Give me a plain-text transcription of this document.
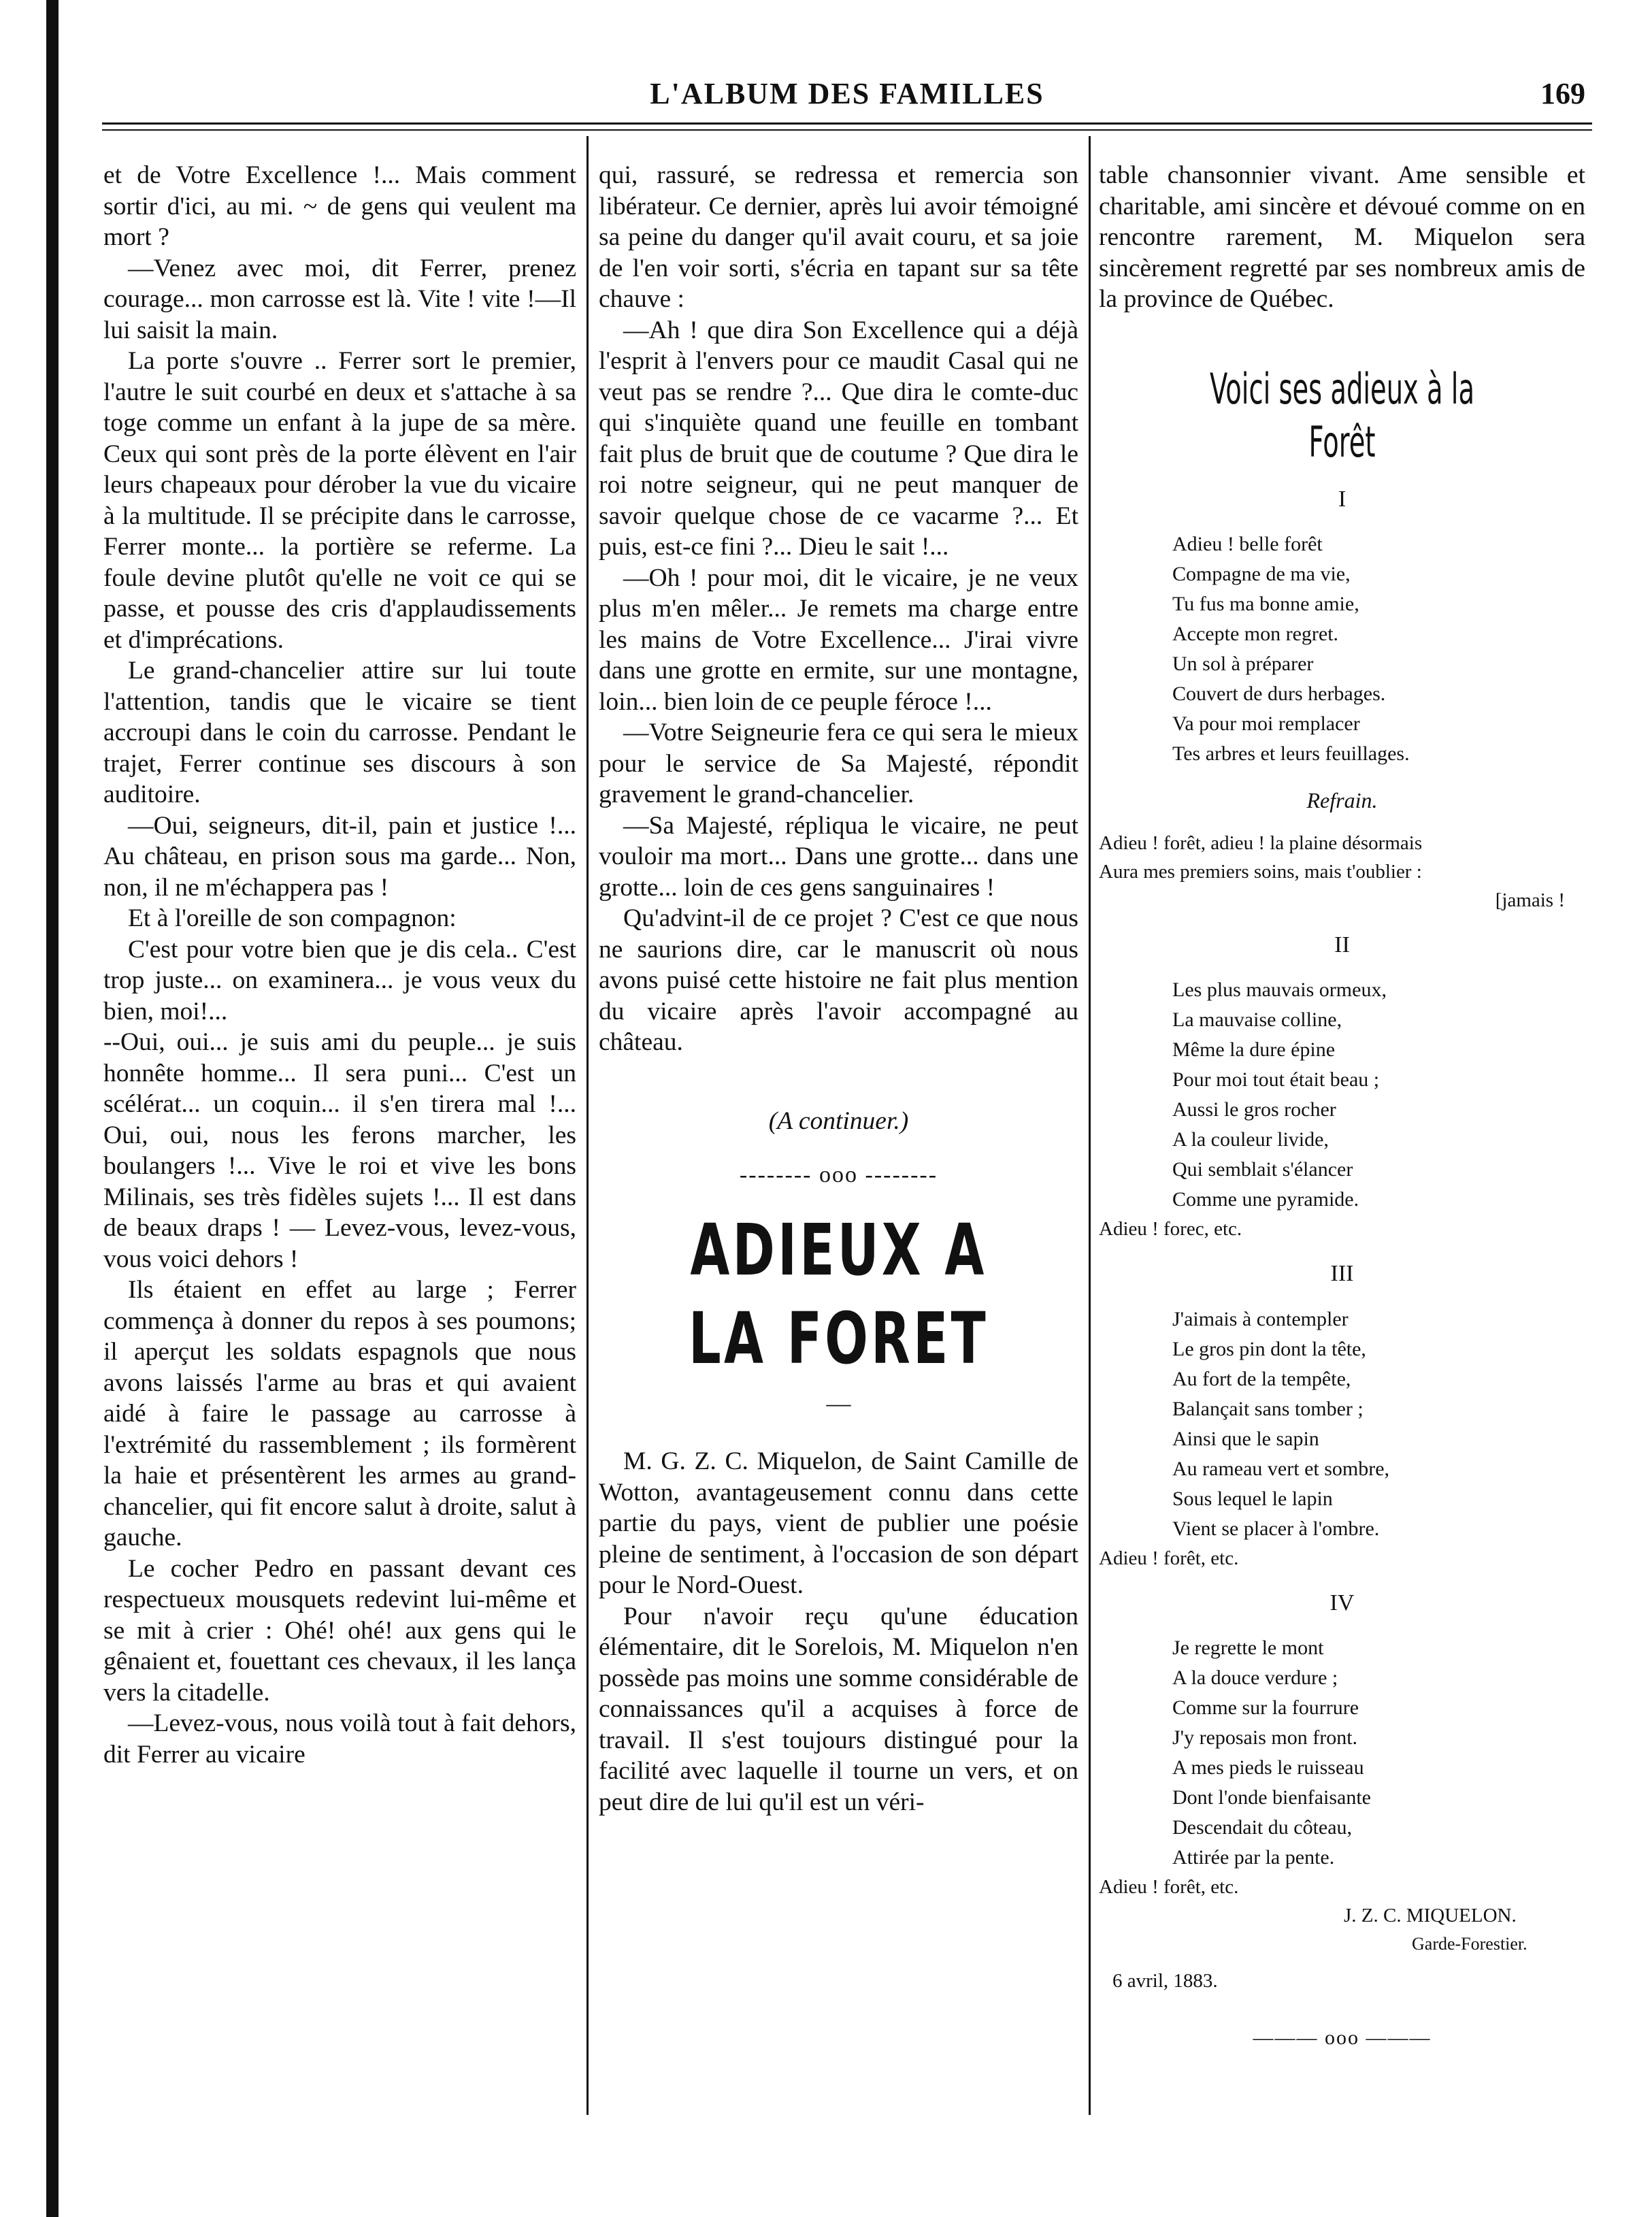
L'ALBUM DES FAMILLES	169

et de Votre Excellence !... Mais comment sortir d'ici, au mi. ~ de gens qui veulent ma mort ?

—Venez avec moi, dit Ferrer, prenez courage... mon carrosse est là. Vite ! vite !—Il lui saisit la main.

La porte s'ouvre .. Ferrer sort le premier, l'autre le suit courbé en deux et s'attache à sa toge comme un enfant à la jupe de sa mère. Ceux qui sont près de la porte élèvent en l'air leurs chapeaux pour dérober la vue du vicaire à la multitude. Il se précipite dans le carrosse, Ferrer monte... la portière se referme. La foule devine plutôt qu'elle ne voit ce qui se passe, et pousse des cris d'applaudissements et d'imprécations.

Le grand-chancelier attire sur lui toute l'attention, tandis que le vicaire se tient accroupi dans le coin du carrosse. Pendant le trajet, Ferrer continue ses discours à son auditoire.

—Oui, seigneurs, dit-il, pain et justice !... Au château, en prison sous ma garde... Non, non, il ne m'échappera pas !

Et à l'oreille de son compagnon:

C'est pour votre bien que je dis cela.. C'est trop juste... on examinera... je vous veux du bien, moi!...

--Oui, oui... je suis ami du peuple... je suis honnête homme... Il sera puni... C'est un scélérat... un coquin... il s'en tirera mal !... Oui, oui, nous les ferons marcher, les boulangers !... Vive le roi et vive les bons Milinais, ses très fidèles sujets !... Il est dans de beaux draps ! — Levez-vous, levez-vous, vous voici dehors !

Ils étaient en effet au large ; Ferrer commença à donner du repos à ses poumons; il aperçut les soldats espagnols que nous avons laissés l'arme au bras et qui avaient aidé à faire le passage au carrosse à l'extrémité du rassemblement ; ils formèrent la haie et présentèrent les armes au grand-chancelier, qui fit encore salut à droite, salut à gauche.

Le cocher Pedro en passant devant ces respectueux mousquets redevint lui-même et se mit à crier : Ohé! ohé! aux gens qui le gênaient et, fouettant ces chevaux, il les lança vers la citadelle.

—Levez-vous, nous voilà tout à fait dehors, dit Ferrer au vicaire

qui, rassuré, se redressa et remercia son libérateur. Ce dernier, après lui avoir témoigné sa peine du danger qu'il avait couru, et sa joie de l'en voir sorti, s'écria en tapant sur sa tête chauve :

—Ah ! que dira Son Excellence qui a déjà l'esprit à l'envers pour ce maudit Casal qui ne veut pas se rendre ?... Que dira le comte-duc qui s'inquiète quand une feuille en tombant fait plus de bruit que de coutume ? Que dira le roi notre seigneur, qui ne peut manquer de savoir quelque chose de ce vacarme ?... Et puis, est-ce fini ?... Dieu le sait !...

—Oh ! pour moi, dit le vicaire, je ne veux plus m'en mêler... Je remets ma charge entre les mains de Votre Excellence... J'irai vivre dans une grotte en ermite, sur une montagne, loin... bien loin de ce peuple féroce !...

—Votre Seigneurie fera ce qui sera le mieux pour le service de Sa Majesté, répondit gravement le grand-chancelier.

—Sa Majesté, répliqua le vicaire, ne peut vouloir ma mort... Dans une grotte... dans une grotte... loin de ces gens sanguinaires !

Qu'advint-il de ce projet ? C'est ce que nous ne saurions dire, car le manuscrit où nous avons puisé cette histoire ne fait plus mention du vicaire après l'avoir accompagné au château.

(A continuer.)
-------- ooo --------
ADIEUX A LA FORET
—

M. G. Z. C. Miquelon, de Saint Camille de Wotton, avantageusement connu dans cette partie du pays, vient de publier une poésie pleine de sentiment, à l'occasion de son départ pour le Nord-Ouest.

Pour n'avoir reçu qu'une éducation élémentaire, dit le Sorelois, M. Miquelon n'en possède pas moins une somme considérable de connaissances qu'il a acquises à force de travail. Il s'est toujours distingué pour la facilité avec laquelle il tourne un vers, et on peut dire de lui qu'il est un véri-

table chansonnier vivant. Ame sensible et charitable, ami sincère et dévoué comme on en rencontre rarement, M. Miquelon sera sincèrement regretté par ses nombreux amis de la province de Québec.

Voici ses adieux à la Forêt
I
Adieu ! belle forêt
Compagne de ma vie,
Tu fus ma bonne amie,
Accepte mon regret.
Un sol à préparer
Couvert de durs herbages.
Va pour moi remplacer
Tes arbres et leurs feuillages.
Refrain.
Adieu ! forêt, adieu ! la plaine désormais
Aura mes premiers soins, mais t'oublier :
[jamais !
II
Les plus mauvais ormeux,
La mauvaise colline,
Même la dure épine
Pour moi tout était beau ;
Aussi le gros rocher
A la couleur livide,
Qui semblait s'élancer
Comme une pyramide.
Adieu ! forec, etc.
III
J'aimais à contempler
Le gros pin dont la tête,
Au fort de la tempête,
Balançait sans tomber ;
Ainsi que le sapin
Au rameau vert et sombre,
Sous lequel le lapin
Vient se placer à l'ombre.
Adieu ! forêt, etc.
IV
Je regrette le mont
A la douce verdure ;
Comme sur la fourrure
J'y reposais mon front.
A mes pieds le ruisseau
Dont l'onde bienfaisante
Descendait du côteau,
Attirée par la pente.
Adieu ! forêt, etc.
J. Z. C. MIQUELON.
Garde-Forestier.
6 avril, 1883.
——— ooo ———
